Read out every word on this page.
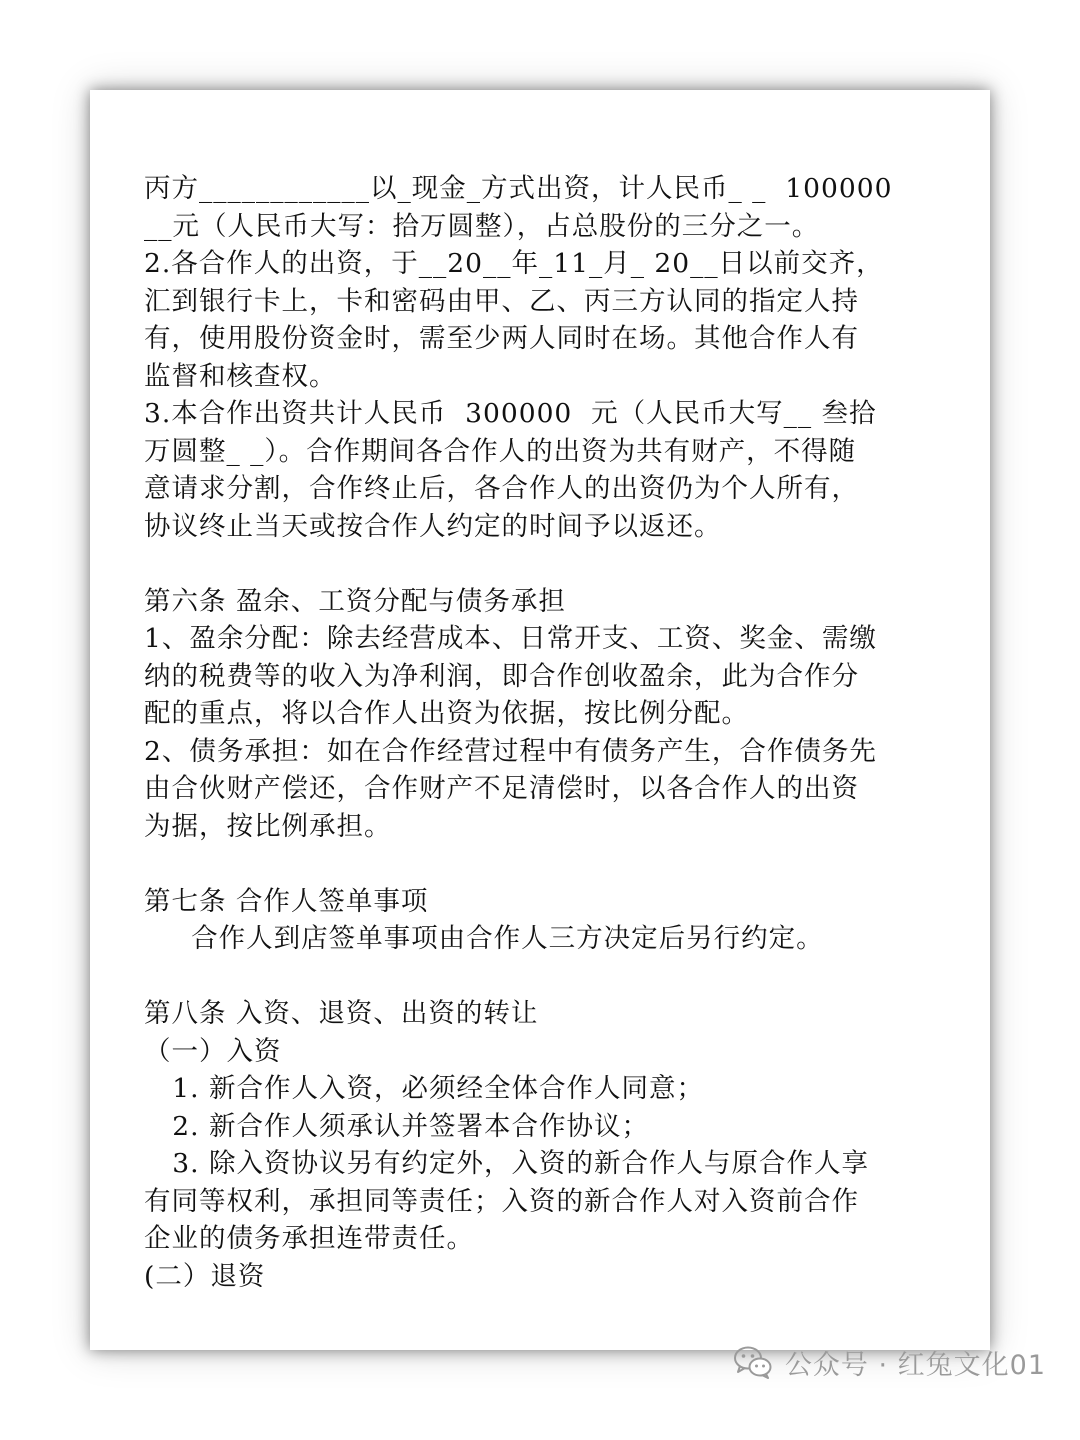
丙方____________以_现金_方式出资，计人民币_ _  100000
__元（人民币大写：拾万圆整），占总股份的三分之一。
2.各合作人的出资，于__20__年_11_月_ 20__日以前交齐，
汇到银行卡上，卡和密码由甲、乙、丙三方认同的指定人持
有，使用股份资金时，需至少两人同时在场。其他合作人有
监督和核查权。
3.本合作出资共计人民币  300000  元（人民币大写__ 叁拾
万圆整_ _）。合作期间各合作人的出资为共有财产，不得随
意请求分割，合作终止后，各合作人的出资仍为个人所有，
协议终止当天或按合作人约定的时间予以返还。
第六条 盈余、工资分配与债务承担
1、盈余分配：除去经营成本、日常开支、工资、奖金、需缴
纳的税费等的收入为净利润，即合作创收盈余，此为合作分
配的重点，将以合作人出资为依据，按比例分配。
2、债务承担：如在合作经营过程中有债务产生，合作债务先
由合伙财产偿还，合作财产不足清偿时，以各合作人的出资
为据，按比例承担。
第七条 合作人签单事项
合作人到店签单事项由合作人三方决定后另行约定。
第八条 入资、退资、出资的转让
（一）入资
1. 新合作人入资，必须经全体合作人同意；
2. 新合作人须承认并签署本合作协议；
3. 除入资协议另有约定外，入资的新合作人与原合作人享
有同等权利，承担同等责任；入资的新合作人对入资前合作
企业的债务承担连带责任。
(二）退资
公众号 · 红兔文化01
